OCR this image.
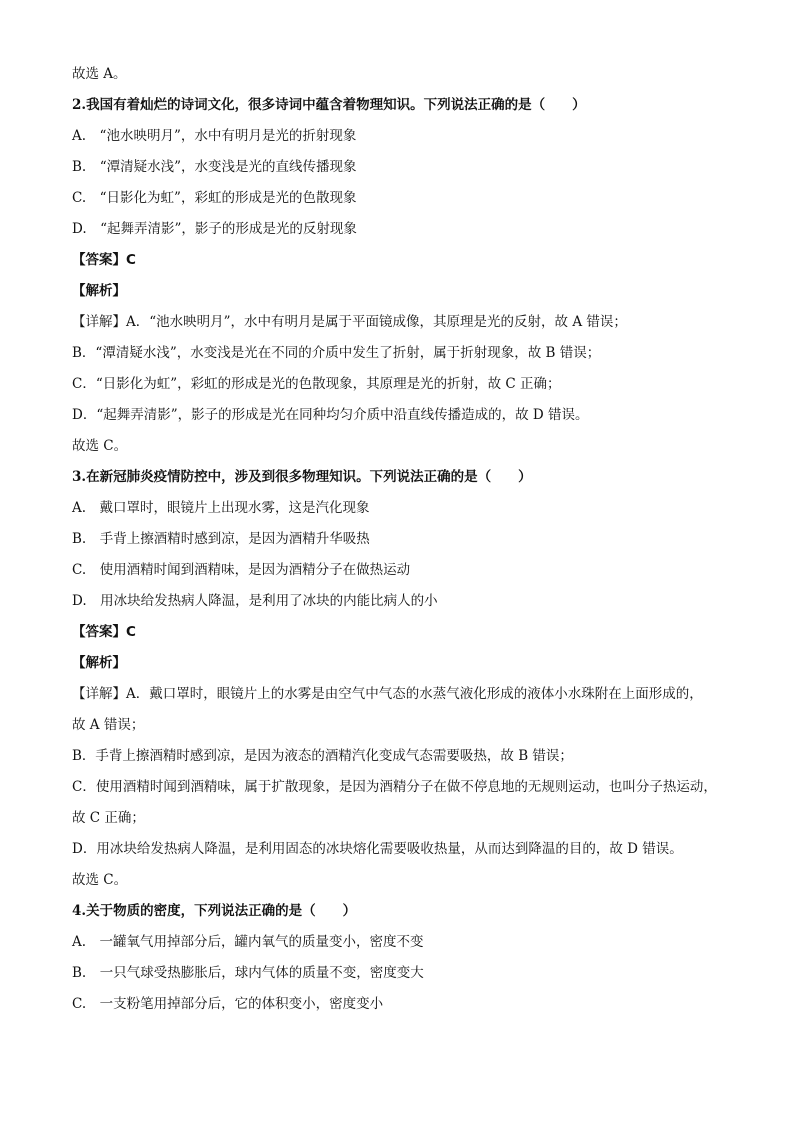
故选 A。
2.我国有着灿烂的诗词文化，很多诗词中蕴含着物理知识。下列说法正确的是（　　）
A.　“池水映明月”，水中有明月是光的折射现象
B.　“潭清疑水浅”，水变浅是光的直线传播现象
C.　“日影化为虹”，彩虹的形成是光的色散现象
D.　“起舞弄清影”，影子的形成是光的反射现象
【答案】C
【解析】
【详解】A．“池水映明月”，水中有明月是属于平面镜成像，其原理是光的反射，故 A 错误；
B．“潭清疑水浅”，水变浅是光在不同的介质中发生了折射，属于折射现象，故 B 错误；
C．“日影化为虹”，彩虹的形成是光的色散现象，其原理是光的折射，故 C 正确；
D．“起舞弄清影”，影子的形成是光在同种均匀介质中沿直线传播造成的，故 D 错误。
故选 C。
3.在新冠肺炎疫情防控中，涉及到很多物理知识。下列说法正确的是（　　）
A.　戴口罩时，眼镜片上出现水雾，这是汽化现象
B.　手背上擦酒精时感到凉，是因为酒精升华吸热
C.　使用酒精时闻到酒精味，是因为酒精分子在做热运动
D.　用冰块给发热病人降温，是利用了冰块的内能比病人的小
【答案】C
【解析】
【详解】A．戴口罩时，眼镜片上的水雾是由空气中气态的水蒸气液化形成的液体小水珠附在上面形成的，
故 A 错误；
B．手背上擦酒精时感到凉，是因为液态的酒精汽化变成气态需要吸热，故 B 错误；
C．使用酒精时闻到酒精味，属于扩散现象，是因为酒精分子在做不停息地的无规则运动，也叫分子热运动，
故 C 正确；
D．用冰块给发热病人降温，是利用固态的冰块熔化需要吸收热量，从而达到降温的目的，故 D 错误。
故选 C。
4.关于物质的密度，下列说法正确的是（　　）
A.　一罐氧气用掉部分后，罐内氧气的质量变小，密度不变
B.　一只气球受热膨胀后，球内气体的质量不变，密度变大
C.　一支粉笔用掉部分后，它的体积变小，密度变小
